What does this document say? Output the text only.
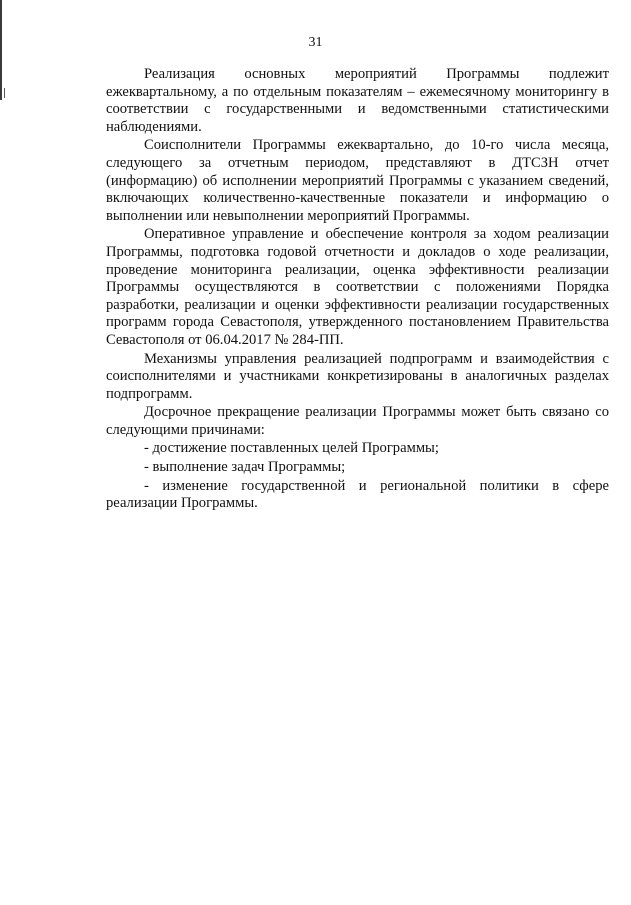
31

Реализация основных мероприятий Программы подлежит ежеквартальному, а по отдельным показателям – ежемесячному мониторингу в соответствии с государственными и ведомственными статистическими наблюдениями.

Соисполнители Программы ежеквартально, до 10-го числа месяца, следующего за отчетным периодом, представляют в ДТСЗН отчет (информацию) об исполнении мероприятий Программы с указанием сведений, включающих количественно-качественные показатели и информацию о выполнении или невыполнении мероприятий Программы.

Оперативное управление и обеспечение контроля за ходом реализации Программы, подготовка годовой отчетности и докладов о ходе реализации, проведение мониторинга реализации, оценка эффективности реализации Программы осуществляются в соответствии с положениями Порядка разработки, реализации и оценки эффективности реализации государственных программ города Севастополя, утвержденного постановлением Правительства Севастополя от 06.04.2017 № 284-ПП.

Механизмы управления реализацией подпрограмм и взаимодействия с соисполнителями и участниками конкретизированы в аналогичных разделах подпрограмм.

Досрочное прекращение реализации Программы может быть связано со следующими причинами:

- достижение поставленных целей Программы;

- выполнение задач Программы;

- изменение государственной и региональной политики в сфере реализации Программы.
